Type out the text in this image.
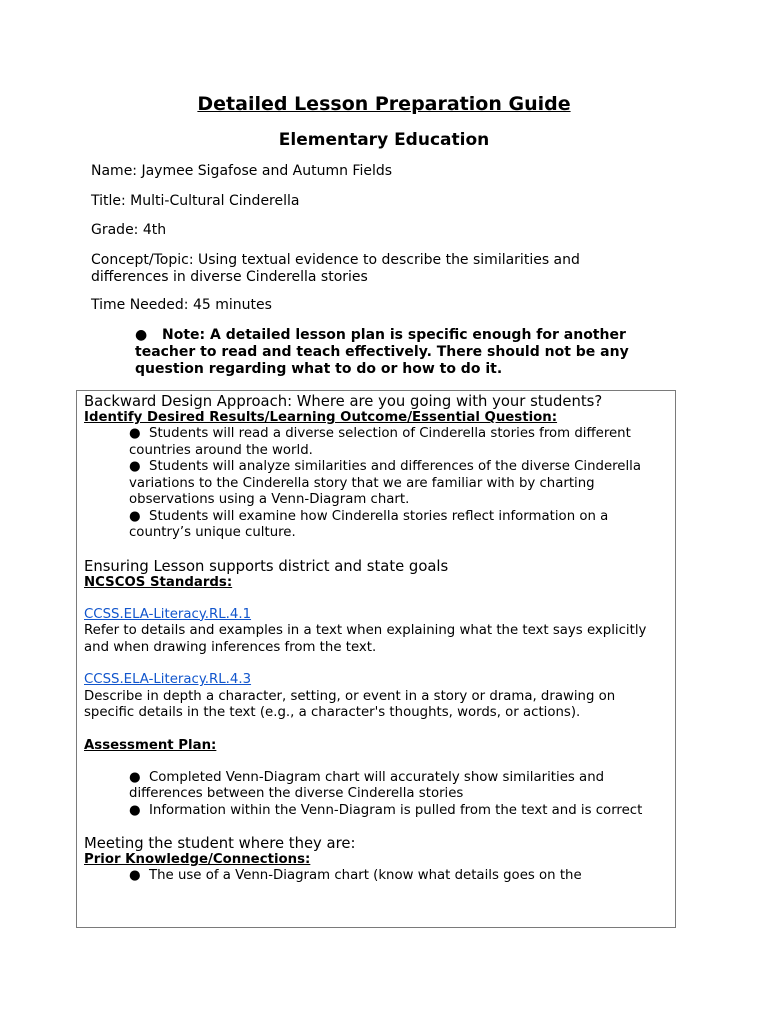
Detailed Lesson Preparation Guide
Elementary Education
Name: Jaymee Sigafose and Autumn Fields
Title: Multi-Cultural Cinderella
Grade: 4th
Concept/Topic: Using textual evidence to describe the similarities and differences in diverse Cinderella stories
Time Needed: 45 minutes
● Note: A detailed lesson plan is specific enough for another teacher to read and teach effectively. There should not be any question regarding what to do or how to do it.
Backward Design Approach: Where are you going with your students?
Identify Desired Results/Learning Outcome/Essential Question:
● Students will read a diverse selection of Cinderella stories from different countries around the world.
● Students will analyze similarities and differences of the diverse Cinderella variations to the Cinderella story that we are familiar with by charting observations using a Venn-Diagram chart.
● Students will examine how Cinderella stories reflect information on a country’s unique culture.
Ensuring Lesson supports district and state goals
NCSCOS Standards:
CCSS.ELA-Literacy.RL.4.1
Refer to details and examples in a text when explaining what the text says explicitly and when drawing inferences from the text.
CCSS.ELA-Literacy.RL.4.3
Describe in depth a character, setting, or event in a story or drama, drawing on specific details in the text (e.g., a character's thoughts, words, or actions).
Assessment Plan:
● Completed Venn-Diagram chart will accurately show similarities and differences between the diverse Cinderella stories
● Information within the Venn-Diagram is pulled from the text and is correct
Meeting the student where they are:
Prior Knowledge/Connections:
● The use of a Venn-Diagram chart (know what details goes on the
